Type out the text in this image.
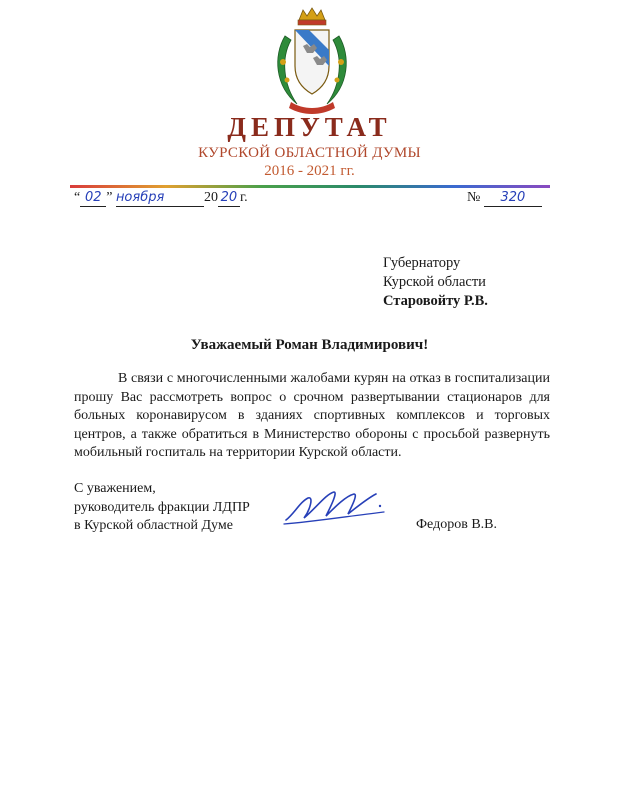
ДЕПУТАТ
КУРСКОЙ ОБЛАСТНОЙ ДУМЫ
2016 - 2021 гг.
“ 02 ” ноября	20 20 г.	№ 320
Губернатору
Курской области
Старовойту Р.В.
Уважаемый Роман Владимирович!
В связи с многочисленными жалобами курян на отказ в госпитализации прошу Вас рассмотреть вопрос о срочном развертывании стационаров для больных коронавирусом в зданиях спортивных комплексов и торговых центров, а также обратиться в Министерство обороны с просьбой развернуть мобильный госпиталь на территории Курской области.
С уважением,
руководитель фракции ЛДПР
в Курской областной Думе	Федоров В.В.
